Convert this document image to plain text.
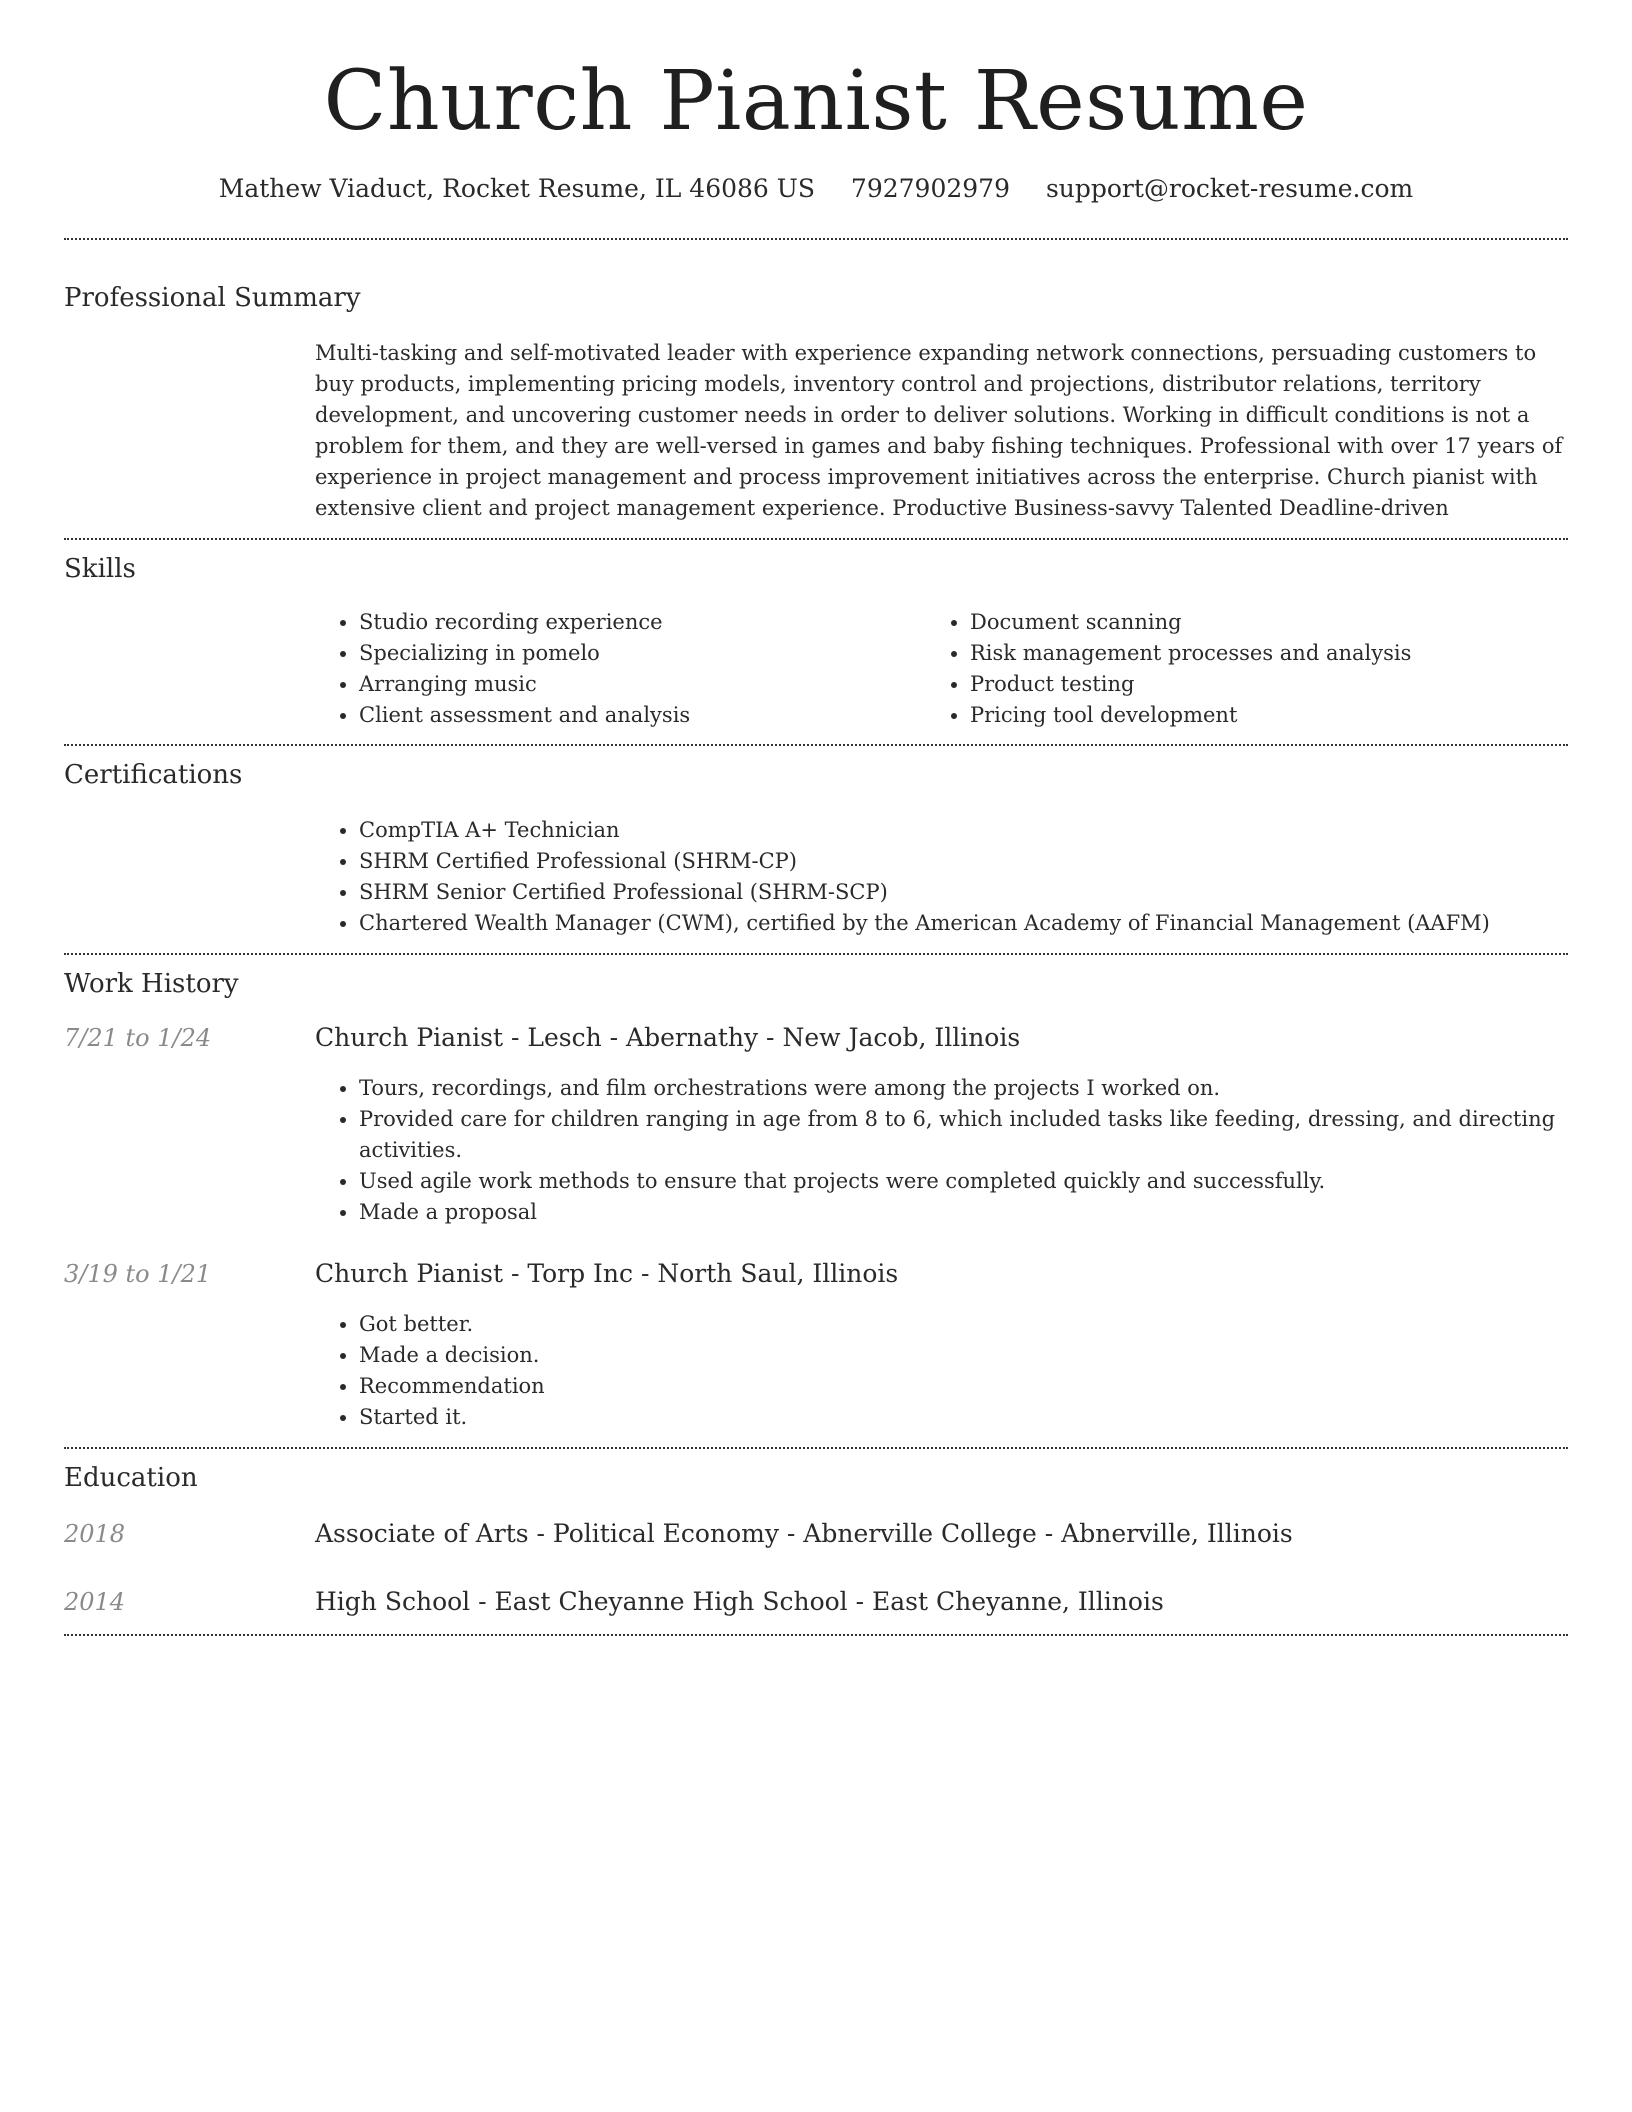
Church Pianist Resume
Mathew Viaduct, Rocket Resume, IL 46086 US 7927902979 support@rocket-resume.com
Professional Summary

Multi-tasking and self-motivated leader with experience expanding network connections, persuading customers to buy products, implementing pricing models, inventory control and projections, distributor relations, territory development, and uncovering customer needs in order to deliver solutions. Working in difficult conditions is not a problem for them, and they are well-versed in games and baby fishing techniques. Professional with over 17 years of experience in project management and process improvement initiatives across the enterprise. Church pianist with extensive client and project management experience. Productive Business-savvy Talented Deadline-driven

Skills
• Studio recording experience
• Specializing in pomelo
• Arranging music
• Client assessment and analysis
• Document scanning
• Risk management processes and analysis
• Product testing
• Pricing tool development
Certifications
• CompTIA A+ Technician
• SHRM Certified Professional (SHRM-CP)
• SHRM Senior Certified Professional (SHRM-SCP)
• Chartered Wealth Manager (CWM), certified by the American Academy of Financial Management (AAFM)
Work History
7/21 to 1/24	Church Pianist - Lesch - Abernathy - New Jacob, Illinois
• Tours, recordings, and film orchestrations were among the projects I worked on.
• Provided care for children ranging in age from 8 to 6, which included tasks like feeding, dressing, and directing activities.
• Used agile work methods to ensure that projects were completed quickly and successfully.
• Made a proposal
3/19 to 1/21	Church Pianist - Torp Inc - North Saul, Illinois
• Got better.
• Made a decision.
• Recommendation
• Started it.
Education
2018	Associate of Arts - Political Economy - Abnerville College - Abnerville, Illinois
2014	High School - East Cheyanne High School - East Cheyanne, Illinois
